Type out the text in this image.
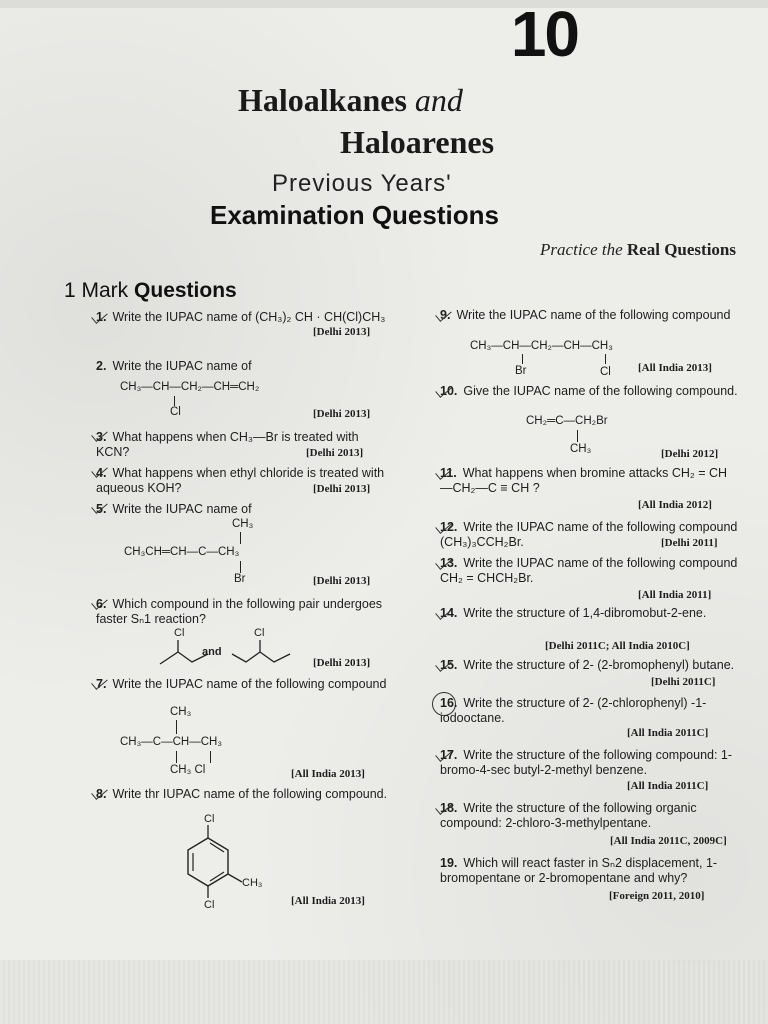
10
Haloalkanes and
Haloarenes
Previous Years'
Examination Questions
Practice the Real Questions
1 Mark Questions
1. Write the IUPAC name of (CH₃)₂ CH · CH(Cl)CH₃
[Delhi 2013]
2. Write the IUPAC name of
CH₃—CH—CH₂—CH═CH₂
Cl	[Delhi 2013]
3. What happens when CH₃—Br is treated with KCN?	[Delhi 2013]
4. What happens when ethyl chloride is treated with aqueous KOH?	[Delhi 2013]
5. Write the IUPAC name of
CH₃
CH₃CH═CH—C—CH₃
Br	[Delhi 2013]
6. Which compound in the following pair undergoes faster Sₙ1 reaction?
Cl
and
Cl
[Delhi 2013]
7. Write the IUPAC name of the following compound
CH₃
CH₃—C—CH—CH₃
CH₃ Cl	[All India 2013]
8. Write thr IUPAC name of the following compound.
Cl
CH₃
Cl	[All India 2013]
9. Write the IUPAC name of the following compound
CH₃—CH—CH₂—CH—CH₃
Br	Cl [All India 2013]
10. Give the IUPAC name of the following compound.
CH₂═C—CH₂Br
CH₃	[Delhi 2012]
11. What happens when bromine attacks CH₂ = CH—CH₂—C ≡ CH ?
[All India 2012]
12. Write the IUPAC name of the following compound (CH₃)₃CCH₂Br.	[Delhi 2011]
13. Write the IUPAC name of the following compound CH₂ = CHCH₂Br.
[All India 2011]
14. Write the structure of 1,4-dibromobut-2-ene.
[Delhi 2011C; All India 2010C]
15. Write the structure of 2- (2-bromophenyl) butane.
[Delhi 2011C]
16. Write the structure of 2- (2-chlorophenyl) -1-iodooctane.
[All India 2011C]
17. Write the structure of the following compound: 1-bromo-4-sec butyl-2-methyl benzene.
[All India 2011C]
18. Write the structure of the following organic compound: 2-chloro-3-methylpentane.
[All India 2011C, 2009C]
19. Which will react faster in Sₙ2 displacement, 1-bromopentane or 2-bromopentane and why?
[Foreign 2011, 2010]
